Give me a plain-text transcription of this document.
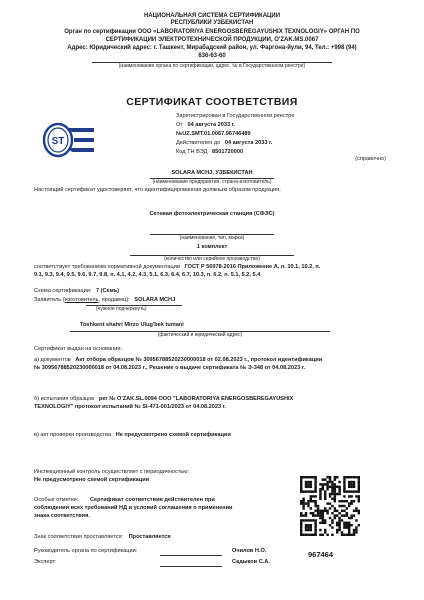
НАЦИОНАЛЬНАЯ СИСТЕМА СЕРТИФИКАЦИИ
РЕСПУБЛИКИ УЗБЕКИСТАН
Орган по сертификации ООО «LABORATORIYA ENERGOSBEREGAYUSHIX TEXNOLOGIY» ОРГАН ПО
СЕРТИФИКАЦИИ ЭЛЕКТРОТЕХНИЧЕСКОЙ ПРОДУКЦИИ, O'ZAK.MS.0067
Адрес: Юридический адрес: г. Ташкент, Мирабадский район, ул. Фаргона-йули, 94, Тел.: +998 (94)
636-63-60
(наименование органа по сертификации, адрес, № в Государственном реестре)
СЕРТИФИКАТ СООТВЕТСТВИЯ
ST
Зарегистрирован в Государственном реестре
От 04 августа 2033 г.
№UZ.SMT.01.0067.96746489
Действителен до 04 августа 2033 г.
Код ТН ВЭД 8501720000
(справочно)
SOLARA MCHJ, УЗБЕКИСТАН
(наименование предприятия, страна-изготовитель)
Настоящий сертификат удостоверяет, что идентифицированная должным образом продукция:
Сетевая фотоэлектрическая станция (СФЭС)
(наименование, тип, марка)
1 комплект
(количество или серийное производство)
соответствует требованиям нормативной документации ГОСТ Р 56978-2016 Приложение А, п. 10.1, 10.2, п.
9.1, 9.3, 9.4, 9.5, 9.6, 9.7, 9.8, п. 4.1, 4.2, 4.3, 5.1, 6.3, 6.4, 6.7, 10.3, п. 6.2, п. 5.1, 5.2, 5.4
Схема сертификации: 7 (Семь)
Заявитель (изготовитель, продавец): SOLARA MCHJ
(нужное подчеркнуть)
Toshkent shahri Mirzo Ulug'bek tumani
(фактический и юридический адрес)
Сертификат выдан на основании:
а) документов Акт отбора образцов № 30956788520230000018 от 02.08.2023 г., протокол идентификации
№ 30956788520230000018 от 04.08.2023 г., Решение о выдаче сертификата № Э-348 от 04.08.2023 г.
б) испытания образцов рег № O'ZAK.SL.0094 ООО "LABORATORIYA ENERGOSBEREGAYUSHIX
TEXNOLOGIY" протокол испытаний № SI-471-001/2023 от 04.08.2023 г.
в) акт проверки производства Не предусмотрено схемой сертификации
Инспекционный контроль осуществляет с периодичностью:
Не предусмотрено схемой сертификации
Особые отметки:	Сертификат соответствия действителен при
соблюдении всех требований НД и условий соглашения о применении
знака соответствия.
Знак соответствия проставляется: Проставляется
Руководитель органа по сертификации:	Очилов Н.О.
Эксперт:	Садыков С.А.
967464
